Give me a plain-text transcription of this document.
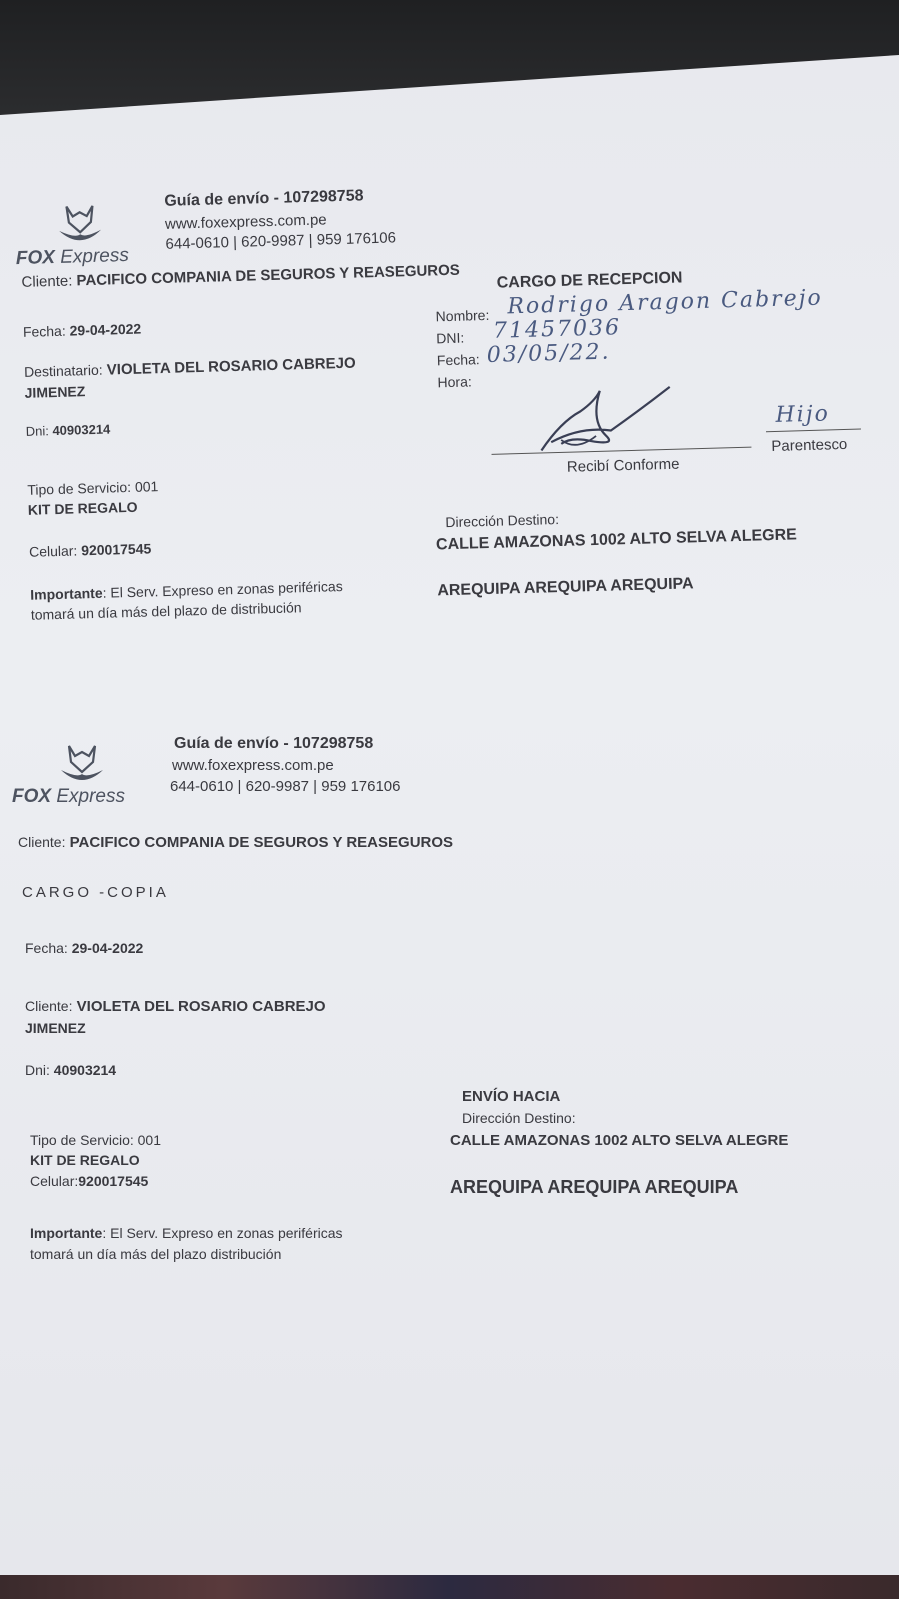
FOX Express
Guía de envío - 107298758
www.foxexpress.com.pe
644-0610 | 620-9987 | 959 176106
Cliente: PACIFICO COMPANIA DE SEGUROS Y REASEGUROS
Fecha: 29-04-2022
Destinatario: VIOLETA DEL ROSARIO CABREJO
JIMENEZ
Dni: 40903214
Tipo de Servicio: 001
KIT DE REGALO
Celular: 920017545
Importante: El Serv. Expreso en zonas periféricas
tomará un día más del plazo de distribución
CARGO DE RECEPCION
Nombre: Rodrigo Aragon Cabrejo
DNI: 71457036
Fecha: 03/05/22.
Hora:
Recibí Conforme
Hijo
Parentesco
Dirección Destino:
CALLE AMAZONAS 1002 ALTO SELVA ALEGRE
AREQUIPA AREQUIPA AREQUIPA
FOX Express
Guía de envío - 107298758
www.foxexpress.com.pe
644-0610 | 620-9987 | 959 176106
Cliente: PACIFICO COMPANIA DE SEGUROS Y REASEGUROS
CARGO -COPIA
Fecha: 29-04-2022
Cliente: VIOLETA DEL ROSARIO CABREJO
JIMENEZ
Dni: 40903214
Tipo de Servicio: 001
KIT DE REGALO
Celular:920017545
Importante: El Serv. Expreso en zonas periféricas
tomará un día más del plazo distribución
ENVÍO HACIA
Dirección Destino:
CALLE AMAZONAS 1002 ALTO SELVA ALEGRE
AREQUIPA AREQUIPA AREQUIPA
